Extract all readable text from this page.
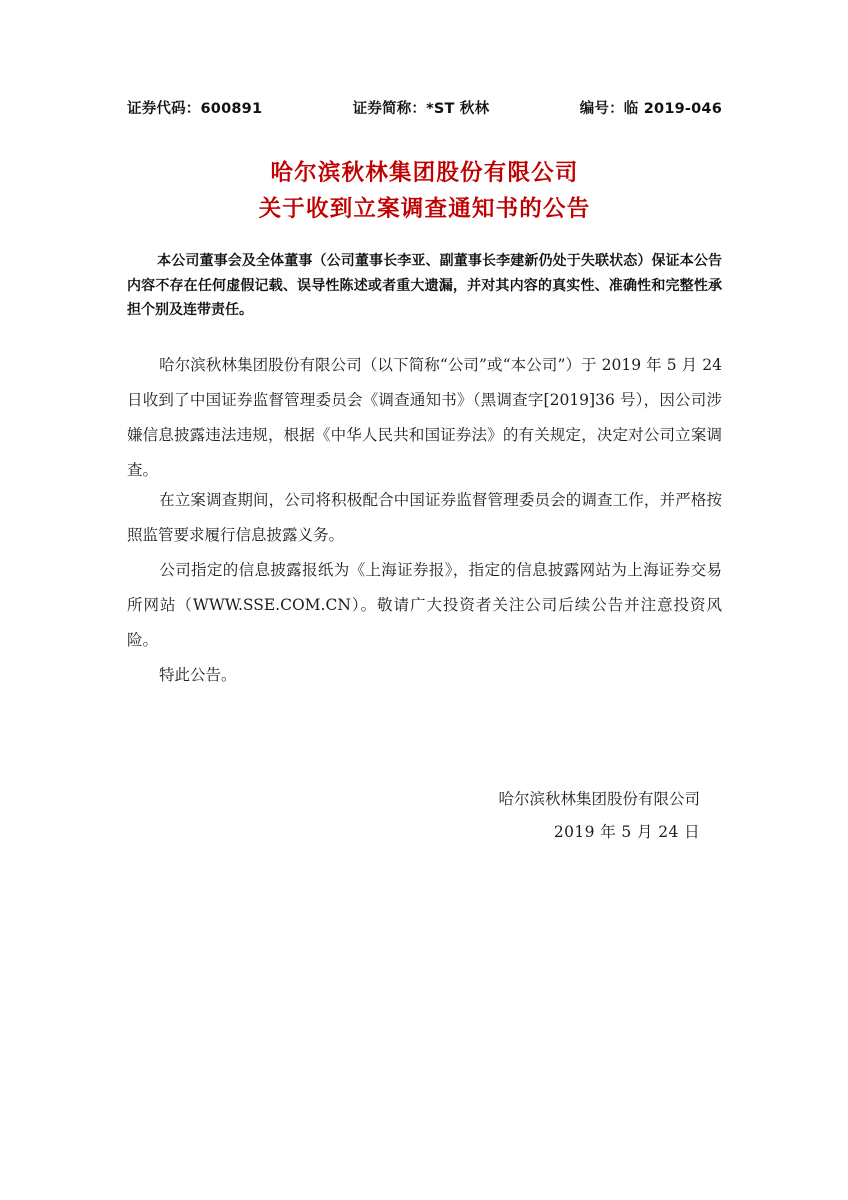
证券代码：600891	证券简称：*ST 秋林	编号：临 2019-046
哈尔滨秋林集团股份有限公司
关于收到立案调查通知书的公告
本公司董事会及全体董事（公司董事长李亚、副董事长李建新仍处于失联状态）保证本公告内容不存在任何虚假记载、误导性陈述或者重大遗漏，并对其内容的真实性、准确性和完整性承担个别及连带责任。
哈尔滨秋林集团股份有限公司（以下简称“公司”或“本公司”）于 2019 年 5 月 24 日收到了中国证券监督管理委员会《调查通知书》（黑调查字[2019]36 号），因公司涉嫌信息披露违法违规，根据《中华人民共和国证券法》的有关规定，决定对公司立案调查。
在立案调查期间，公司将积极配合中国证券监督管理委员会的调查工作，并严格按照监管要求履行信息披露义务。
公司指定的信息披露报纸为《上海证券报》，指定的信息披露网站为上海证券交易所网站（WWW.SSE.COM.CN）。敬请广大投资者关注公司后续公告并注意投资风险。
特此公告。
哈尔滨秋林集团股份有限公司
2019 年 5 月 24 日
